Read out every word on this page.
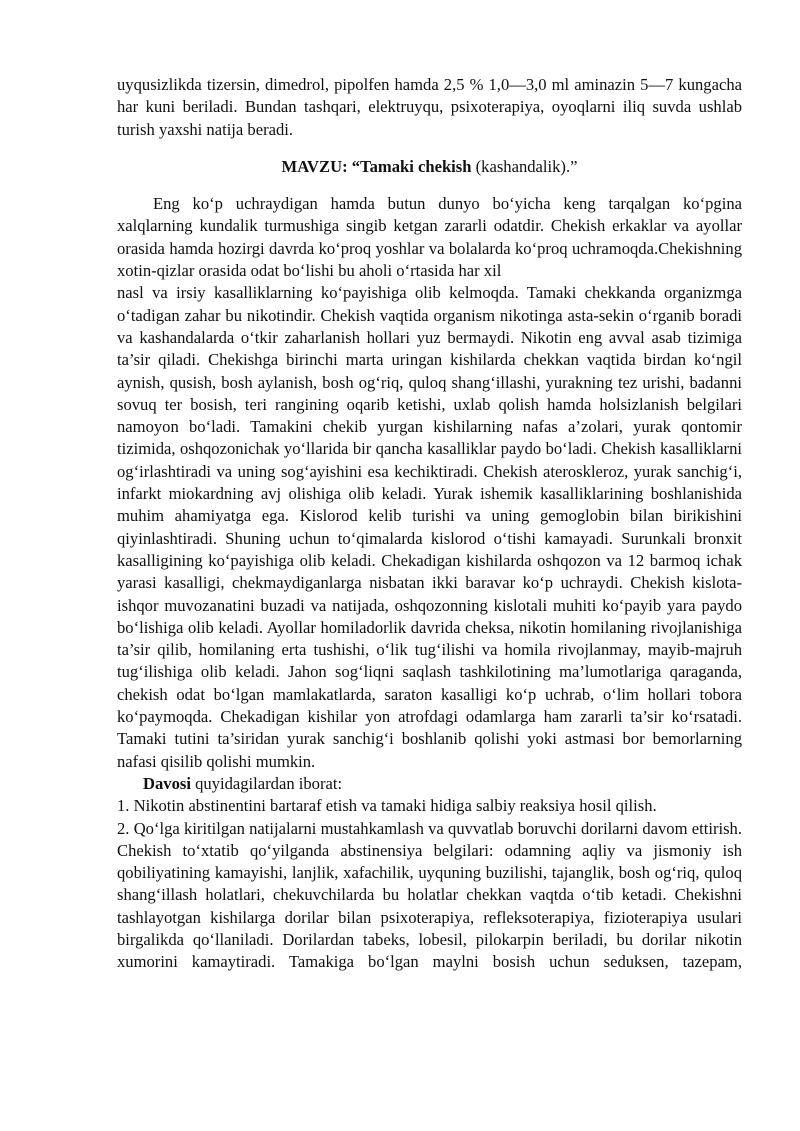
uyqusizlikda tizersin, dimedrol, pipolfen hamda 2,5 % 1,0—3,0 ml aminazin 5—7 kungacha har kuni beriladi. Bundan tashqari, elektruyqu, psixoterapiya, oyoqlarni iliq suvda ushlab turish yaxshi natija beradi.

MAVZU: “Tamaki chekish (kashandalik).”

Eng ko‘p uchraydigan hamda butun dunyo bo‘yicha keng tarqalgan ko‘pgina xalqlarning kundalik turmushiga singib ketgan zararli odatdir. Chekish erkaklar va ayollar orasida hamda hozirgi davrda ko‘proq yoshlar va bolalarda ko‘proq uchramoqda.Chekishning xotin-qizlar orasida odat bo‘lishi bu aholi o‘rtasida har xil

nasl va irsiy kasalliklarning ko‘payishiga olib kelmoqda. Tamaki chekkanda organizmga o‘tadigan zahar bu nikotindir. Chekish vaqtida organism nikotinga asta-sekin o‘rganib boradi va kashandalarda o‘tkir zaharlanish hollari yuz bermaydi. Nikotin eng avval asab tizimiga ta’sir qiladi. Chekishga birinchi marta uringan kishilarda chekkan vaqtida birdan ko‘ngil aynish, qusish, bosh aylanish, bosh og‘riq, quloq shang‘illashi, yurakning tez urishi, badanni sovuq ter bosish, teri rangining oqarib ketishi, uxlab qolish hamda holsizlanish belgilari namoyon bo‘ladi. Tamakini chekib yurgan kishilarning nafas a’zolari, yurak qontomir tizimida, oshqozonichak yo‘llarida bir qancha kasalliklar paydo bo‘ladi. Chekish kasalliklarni og‘irlashtiradi va uning sog‘ayishini esa kechiktiradi. Chekish ateroskleroz, yurak sanchig‘i, infarkt miokardning avj olishiga olib keladi. Yurak ishemik kasalliklarining boshlanishida muhim ahamiyatga ega. Kislorod kelib turishi va uning gemoglobin bilan birikishini qiyinlashtiradi. Shuning uchun to‘qimalarda kislorod o‘tishi kamayadi. Surunkali bronxit kasalligining ko‘payishiga olib keladi. Chekadigan kishilarda oshqozon va 12 barmoq ichak yarasi kasalligi, chekmaydiganlarga nisbatan ikki baravar ko‘p uchraydi. Chekish kislota-ishqor muvozanatini buzadi va natijada, oshqozonning kislotali muhiti ko‘payib yara paydo bo‘lishiga olib keladi. Ayollar homiladorlik davrida cheksa, nikotin homilaning rivojlanishiga ta’sir qilib, homilaning erta tushishi, o‘lik tug‘ilishi va homila rivojlanmay, mayib-majruh tug‘ilishiga olib keladi. Jahon sog‘liqni saqlash tashkilotining ma’lumotlariga qaraganda, chekish odat bo‘lgan mamlakatlarda, saraton kasalligi ko‘p uchrab, o‘lim hollari tobora ko‘paymoqda. Chekadigan kishilar yon atrofdagi odamlarga ham zararli ta’sir ko‘rsatadi. Tamaki tutini ta’siridan yurak sanchig‘i boshlanib qolishi yoki astmasi bor bemorlarning nafasi qisilib qolishi mumkin.

Davosi quyidagilardan iborat:

1. Nikotin abstinentini bartaraf etish va tamaki hidiga salbiy reaksiya hosil qilish.

2. Qo‘lga kiritilgan natijalarni mustahkamlash va quvvatlab boruvchi dorilarni davom ettirish. Chekish to‘xtatib qo‘yilganda abstinensiya belgilari: odamning aqliy va jismoniy ish qobiliyatining kamayishi, lanjlik, xafachilik, uyquning buzilishi, tajanglik, bosh og‘riq, quloq shang‘illash holatlari, chekuvchilarda bu holatlar chekkan vaqtda o‘tib ketadi. Chekishni tashlayotgan kishilarga dorilar bilan psixoterapiya, refleksoterapiya, fizioterapiya usulari birgalikda qo‘llaniladi. Dorilardan tabeks, lobesil, pilokarpin beriladi, bu dorilar nikotin xumorini kamaytiradi. Tamakiga bo‘lgan maylni bosish uchun seduksen, tazepam,
